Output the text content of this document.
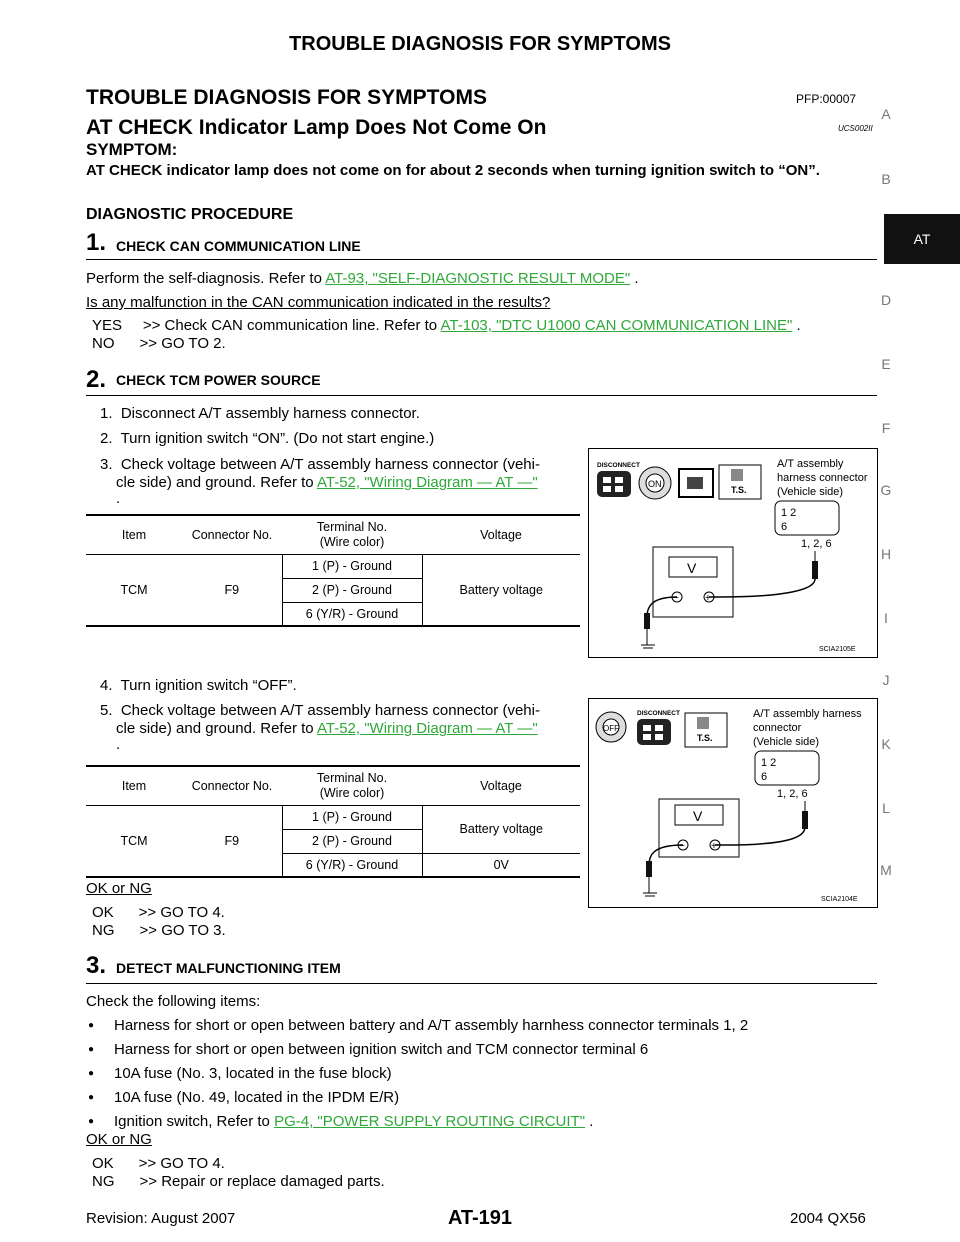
TROUBLE DIAGNOSIS FOR SYMPTOMS
A
B
AT
D
E
F
G
H
I
J
K
L
M
TROUBLE DIAGNOSIS FOR SYMPTOMS	PFP:00007
AT CHECK Indicator Lamp Does Not Come On	UCS002II
SYMPTOM:
AT CHECK indicator lamp does not come on for about 2 seconds when turning ignition switch to “ON”.
DIAGNOSTIC PROCEDURE
1. CHECK CAN COMMUNICATION LINE
Perform the self-diagnosis. Refer to AT-93, "SELF-DIAGNOSTIC RESULT MODE" .
Is any malfunction in the CAN communication indicated in the results?
YES     >> Check CAN communication line. Refer to AT-103, "DTC U1000 CAN COMMUNICATION LINE" .
NO      >> GO TO 2.
2. CHECK TCM POWER SOURCE
1.  Disconnect A/T assembly harness connector.
2.  Turn ignition switch “ON”. (Do not start engine.)
3.  Check voltage between A/T assembly harness connector (vehi-
cle side) and ground. Refer to AT-52, "Wiring Diagram — AT —"
.
Item	Connector No.	Terminal No.
(Wire color)	Voltage
TCM	F9	1 (P) - Ground	Battery voltage
		2 (P) - Ground	
		6 (Y/R) - Ground	
DISCONNECT
ON
T.S.
A/T assembly
harness connector
(Vehicle side)
1 2
6
1, 2, 6
V
−	+
SCIA2105E
4.  Turn ignition switch “OFF”.
5.  Check voltage between A/T assembly harness connector (vehi-
cle side) and ground. Refer to AT-52, "Wiring Diagram — AT —"
.
Item	Connector No.	Terminal No.
(Wire color)	Voltage
TCM	F9	1 (P) - Ground	Battery voltage
		2 (P) - Ground	
		6 (Y/R) - Ground	0V
OFF
DISCONNECT
T.S.
A/T assembly harness
connector
(Vehicle side)
1 2
6
1, 2, 6
V
−	+
SCIA2104E
OK or NG
OK      >> GO TO 4.
NG      >> GO TO 3.
3. DETECT MALFUNCTIONING ITEM
Check the following items:
● Harness for short or open between battery and A/T assembly harnhess connector terminals 1, 2
● Harness for short or open between ignition switch and TCM connector terminal 6
● 10A fuse (No. 3, located in the fuse block)
● 10A fuse (No. 49, located in the IPDM E/R)
● Ignition switch, Refer to PG-4, "POWER SUPPLY ROUTING CIRCUIT" .
OK or NG
OK      >> GO TO 4.
NG      >> Repair or replace damaged parts.
Revision: August 2007	AT-191	2004 QX56
